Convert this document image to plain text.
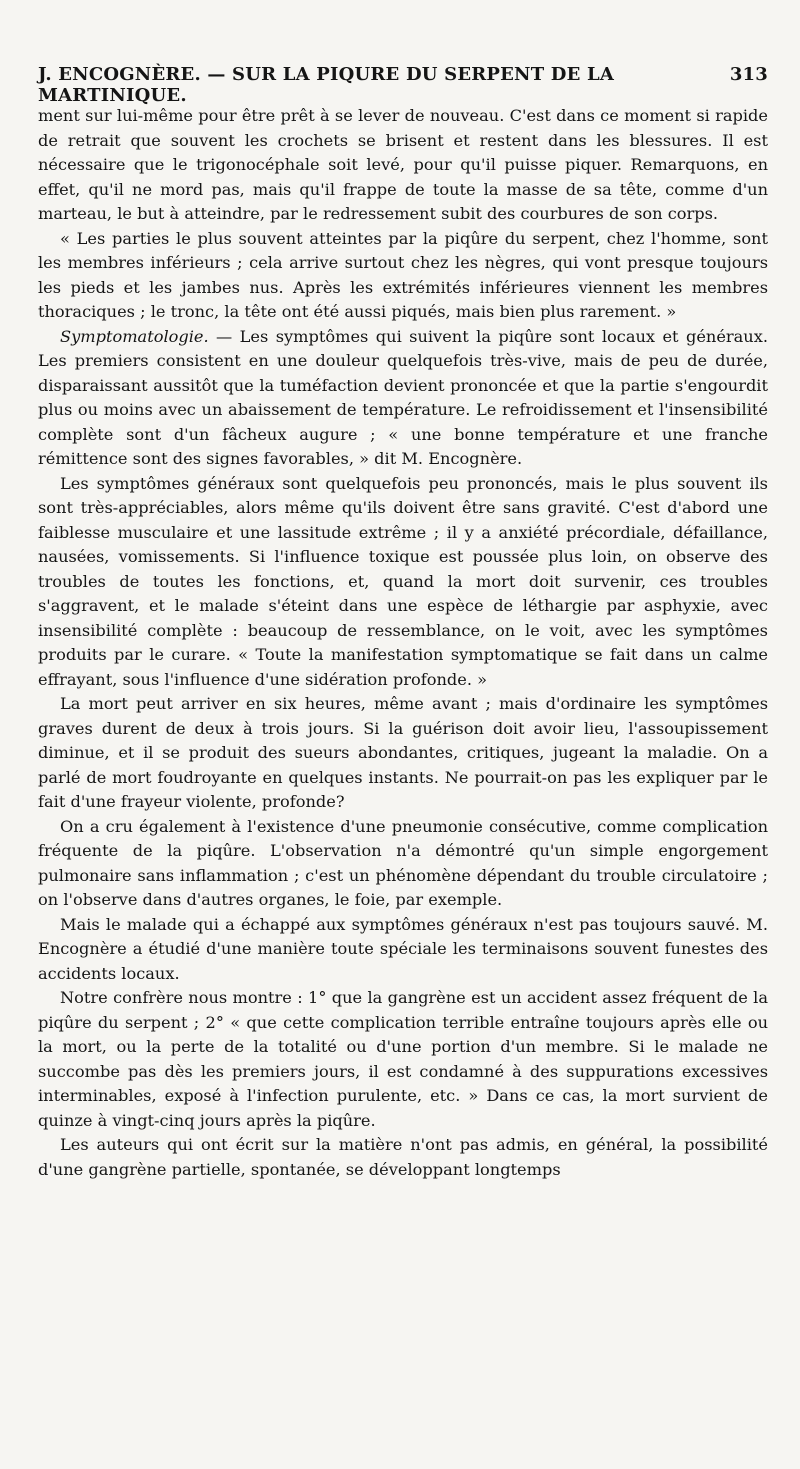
J. ENCOGNÈRE. — SUR LA PIQURE DU SERPENT DE LA MARTINIQUE.
313

ment sur lui-même pour être prêt à se lever de nouveau. C'est dans ce moment si rapide de retrait que souvent les crochets se brisent et restent dans les blessures. Il est nécessaire que le trigonocéphale soit levé, pour qu'il puisse piquer. Remarquons, en effet, qu'il ne mord pas, mais qu'il frappe de toute la masse de sa tête, comme d'un marteau, le but à atteindre, par le redressement subit des courbures de son corps.

« Les parties le plus souvent atteintes par la piqûre du serpent, chez l'homme, sont les membres inférieurs ; cela arrive surtout chez les nègres, qui vont presque toujours les pieds et les jambes nus. Après les extrémités inférieures viennent les membres thoraciques ; le tronc, la tête ont été aussi piqués, mais bien plus rarement. »

Symptomatologie. — Les symptômes qui suivent la piqûre sont locaux et généraux. Les premiers consistent en une douleur quelquefois très-vive, mais de peu de durée, disparaissant aussitôt que la tuméfaction devient prononcée et que la partie s'engourdit plus ou moins avec un abaissement de température. Le refroidissement et l'insensibilité complète sont d'un fâcheux augure ; « une bonne température et une franche rémittence sont des signes favorables, » dit M. Encognère.

Les symptômes généraux sont quelquefois peu prononcés, mais le plus souvent ils sont très-appréciables, alors même qu'ils doivent être sans gravité. C'est d'abord une faiblesse musculaire et une lassitude extrême ; il y a anxiété précordiale, défaillance, nausées, vomissements. Si l'influence toxique est poussée plus loin, on observe des troubles de toutes les fonctions, et, quand la mort doit survenir, ces troubles s'aggravent, et le malade s'éteint dans une espèce de léthargie par asphyxie, avec insensibilité complète : beaucoup de ressemblance, on le voit, avec les symptômes produits par le curare. « Toute la manifestation symptomatique se fait dans un calme effrayant, sous l'influence d'une sidération profonde. »

La mort peut arriver en six heures, même avant ; mais d'ordinaire les symptômes graves durent de deux à trois jours. Si la guérison doit avoir lieu, l'assoupissement diminue, et il se produit des sueurs abondantes, critiques, jugeant la maladie. On a parlé de mort foudroyante en quelques instants. Ne pourrait-on pas les expliquer par le fait d'une frayeur violente, profonde?

On a cru également à l'existence d'une pneumonie consécutive, comme complication fréquente de la piqûre. L'observation n'a démontré qu'un simple engorgement pulmonaire sans inflammation ; c'est un phénomène dépendant du trouble circulatoire ; on l'observe dans d'autres organes, le foie, par exemple.

Mais le malade qui a échappé aux symptômes généraux n'est pas toujours sauvé. M. Encognère a étudié d'une manière toute spéciale les terminaisons souvent funestes des accidents locaux.

Notre confrère nous montre : 1° que la gangrène est un accident assez fréquent de la piqûre du serpent ; 2° « que cette complication terrible entraîne toujours après elle ou la mort, ou la perte de la totalité ou d'une portion d'un membre. Si le malade ne succombe pas dès les premiers jours, il est condamné à des suppurations excessives interminables, exposé à l'infection purulente, etc. » Dans ce cas, la mort survient de quinze à vingt-cinq jours après la piqûre.

Les auteurs qui ont écrit sur la matière n'ont pas admis, en général, la possibilité d'une gangrène partielle, spontanée, se développant longtemps
